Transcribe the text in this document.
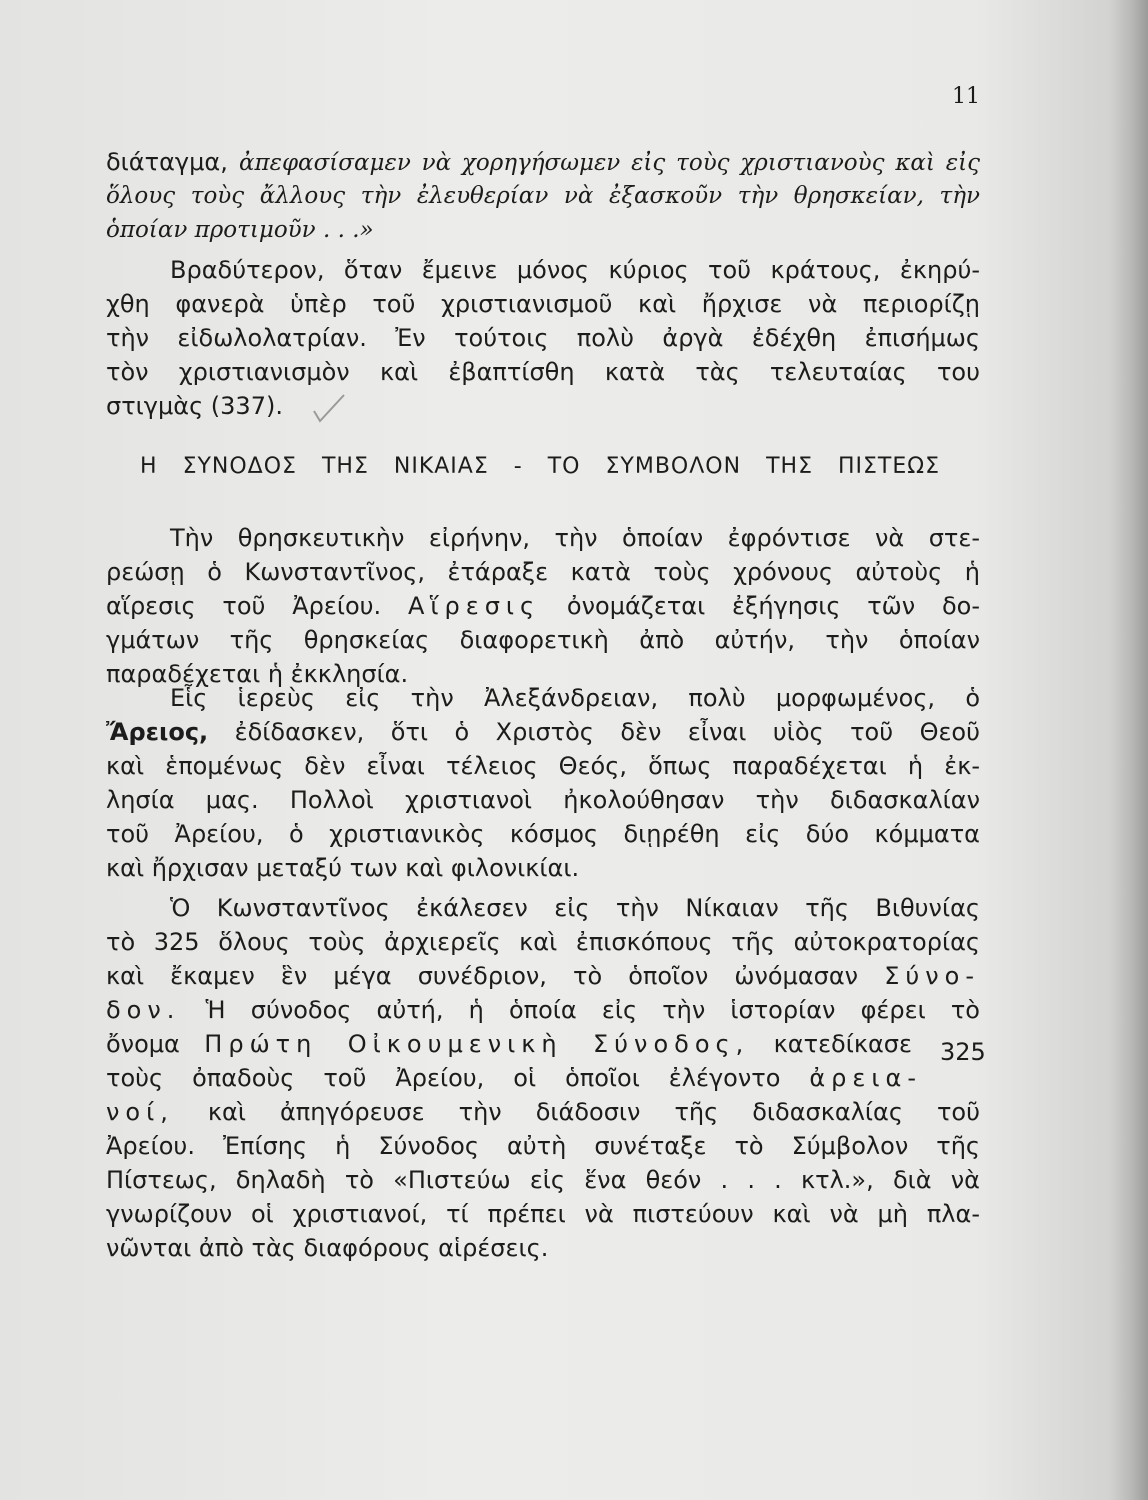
11
διάταγμα, ἀπεφασίσαμεν νὰ χορηγήσωμεν εἰς τοὺς χριστιανοὺς καὶ εἰς
ὅλους τοὺς ἄλλους τὴν ἐλευθερίαν νὰ ἐξασκοῦν τὴν θρησκείαν, τὴν
ὁποίαν προτιμοῦν . . .»
Βραδύτερον, ὅταν ἔμεινε μόνος κύριος τοῦ κράτους, ἐκηρύ-
χθη φανερὰ ὑπὲρ τοῦ χριστιανισμοῦ καὶ ἤρχισε νὰ περιορίζῃ
τὴν εἰδωλολατρίαν. Ἐν τούτοις πολὺ ἀργὰ ἐδέχθη ἐπισήμως
τὸν χριστιανισμὸν καὶ ἐβαπτίσθη κατὰ τὰς τελευταίας του
στιγμὰς (337).
Η ΣΥΝΟΔΟΣ ΤΗΣ ΝΙΚΑΙΑΣ - ΤΟ ΣΥΜΒΟΛΟΝ ΤΗΣ ΠΙΣΤΕΩΣ
Τὴν θρησκευτικὴν εἰρήνην, τὴν ὁποίαν ἐφρόντισε νὰ στε-
ρεώσῃ ὁ Κωνσταντῖνος, ἐτάραξε κατὰ τοὺς χρόνους αὐτοὺς ἡ
αἵρεσις τοῦ Ἀρείου. Αἵρεσις ὀνομάζεται ἐξήγησις τῶν δο-
γμάτων τῆς θρησκείας διαφορετικὴ ἀπὸ αὐτήν, τὴν ὁποίαν
παραδέχεται ἡ ἐκκλησία.
Εἷς ἱερεὺς εἰς τὴν Ἀλεξάνδρειαν, πολὺ μορφωμένος, ὁ
Ἄρειος, ἐδίδασκεν, ὅτι ὁ Χριστὸς δὲν εἶναι υἱὸς τοῦ Θεοῦ
καὶ ἑπομένως δὲν εἶναι τέλειος Θεός, ὅπως παραδέχεται ἡ ἐκ-
λησία μας. Πολλοὶ χριστιανοὶ ἠκολούθησαν τὴν διδασκαλίαν
τοῦ Ἀρείου, ὁ χριστιανικὸς κόσμος διῃρέθη εἰς δύο κόμματα
καὶ ἤρχισαν μεταξύ των καὶ φιλονικίαι.
Ὁ Κωνσταντῖνος ἐκάλεσεν εἰς τὴν Νίκαιαν τῆς Βιθυνίας
τὸ 325 ὅλους τοὺς ἀρχιερεῖς καὶ ἐπισκόπους τῆς αὐτοκρατορίας
καὶ ἔκαμεν ἓν μέγα συνέδριον, τὸ ὁποῖον ὠνόμασαν Σύνο-
δον. Ἡ σύνοδος αὐτή, ἡ ὁποία εἰς τὴν ἱστορίαν φέρει τὸ
ὄνομα Πρώτη Οἰκουμενικὴ Σύνοδος, κατεδίκασε
τοὺς ὀπαδοὺς τοῦ Ἀρείου, οἱ ὁποῖοι ἐλέγοντο ἀρεια-
νοί, καὶ ἀπηγόρευσε τὴν διάδοσιν τῆς διδασκαλίας τοῦ
Ἀρείου. Ἐπίσης ἡ Σύνοδος αὐτὴ συνέταξε τὸ Σύμβολον τῆς
Πίστεως, δηλαδὴ τὸ «Πιστεύω εἰς ἕνα θεόν . . . κτλ.», διὰ νὰ
γνωρίζουν οἱ χριστιανοί, τί πρέπει νὰ πιστεύουν καὶ νὰ μὴ πλα-
νῶνται ἀπὸ τὰς διαφόρους αἱρέσεις.
325
